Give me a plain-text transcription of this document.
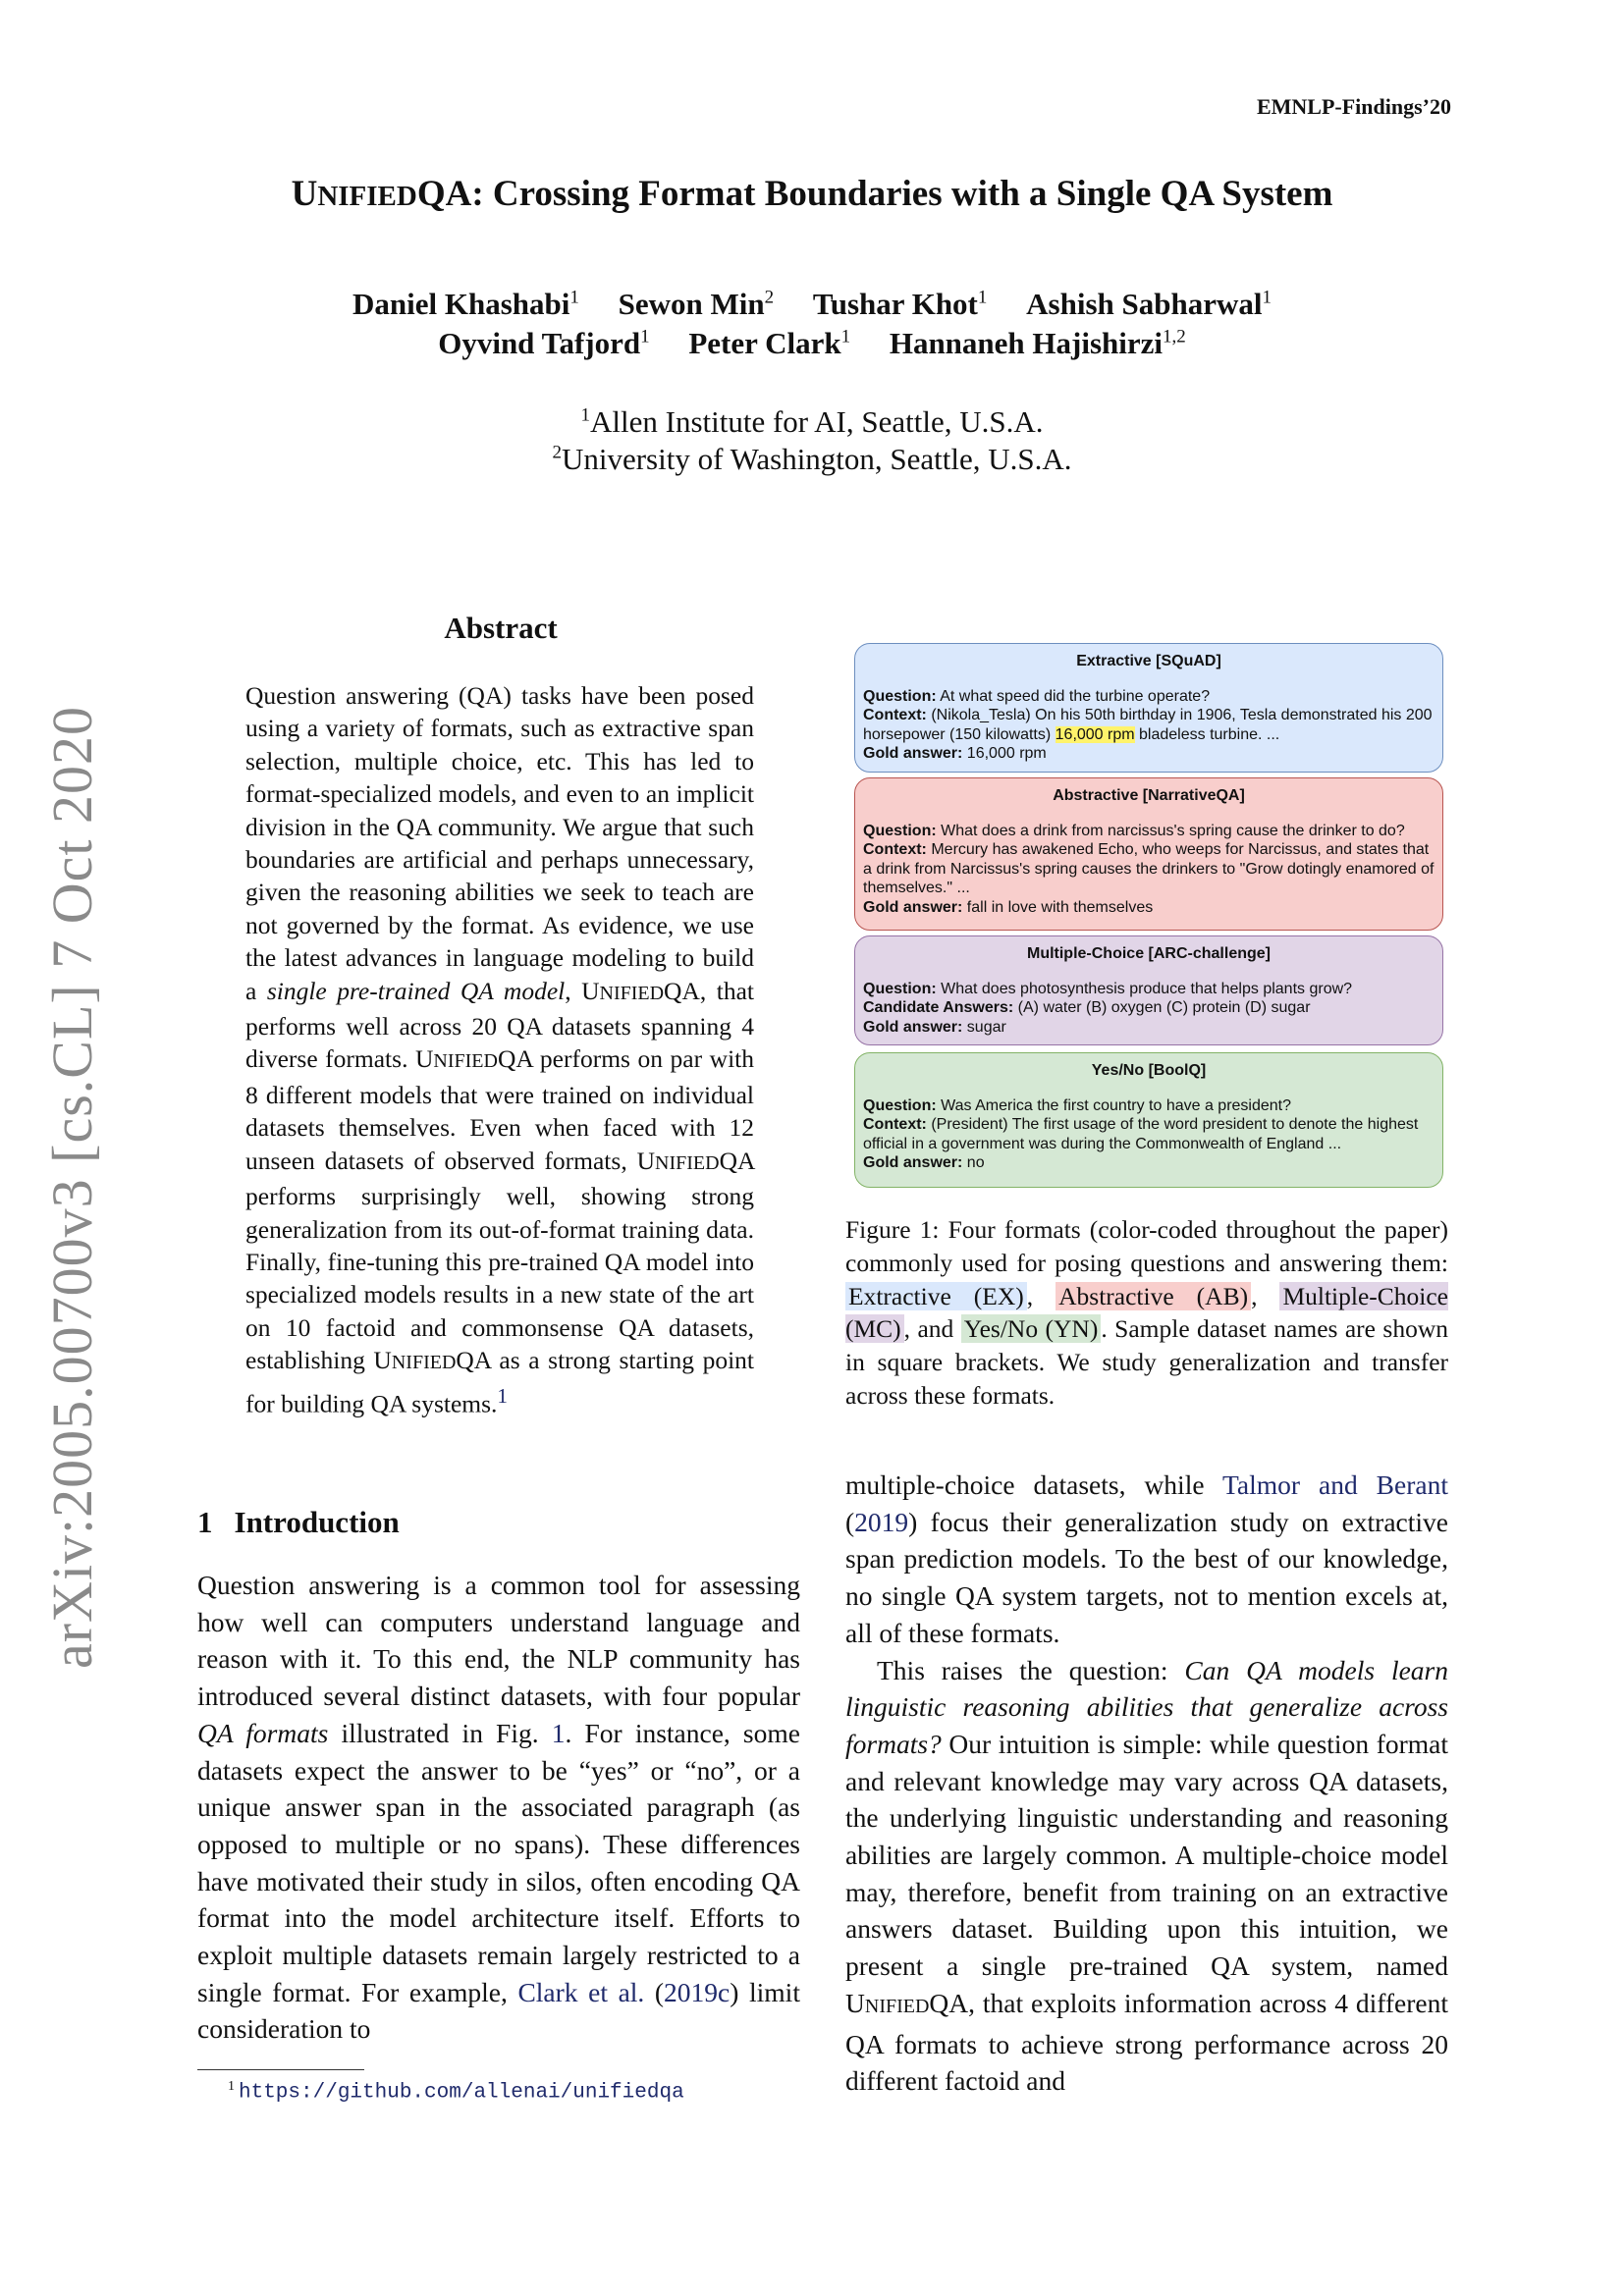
EMNLP-Findings’20
UNIFIEDQA: Crossing Format Boundaries with a Single QA System
Daniel Khashabi$^1$ Sewon Min$^2$ Tushar Khot$^1$ Ashish Sabharwal$^1$
Oyvind Tafjord$^1$ Peter Clark$^1$ Hannaneh Hajishirzi$^{1,2}$
$^1$Allen Institute for AI, Seattle, U.S.A.
$^2$University of Washington, Seattle, U.S.A.
arXiv:2005.00700v3 [cs.CL] 7 Oct 2020
Abstract
Question answering (QA) tasks have been posed using a variety of formats, such as extractive span selection, multiple choice, etc. This has led to format-specialized models, and even to an implicit division in the QA community. We argue that such boundaries are artificial and perhaps unnecessary, given the reasoning abilities we seek to teach are not governed by the format. As evidence, we use the latest advances in language modeling to build a single pre-trained QA model, UNIFIEDQA, that performs well across 20 QA datasets spanning 4 diverse formats. UNIFIEDQA performs on par with 8 different models that were trained on individual datasets themselves. Even when faced with 12 unseen datasets of observed formats, UNIFIEDQA performs surprisingly well, showing strong generalization from its out-of-format training data. Finally, fine-tuning this pre-trained QA model into specialized models results in a new state of the art on 10 factoid and commonsense QA datasets, establishing UNIFIEDQA as a strong starting point for building QA systems.$^1$
1 Introduction
Question answering is a common tool for assessing how well can computers understand language and reason with it. To this end, the NLP community has introduced several distinct datasets, with four popular QA formats illustrated in Fig. 1. For instance, some datasets expect the answer to be “yes” or “no”, or a unique answer span in the associated paragraph (as opposed to multiple or no spans). These differences have motivated their study in silos, often encoding QA format into the model architecture itself. Efforts to exploit multiple datasets remain largely restricted to a single format. For example, Clark et al. (2019c) limit consideration to
$^1$ https://github.com/allenai/unifiedqa
Extractive [SQuAD]
Question: At what speed did the turbine operate?
Context: (Nikola_Tesla) On his 50th birthday in 1906, Tesla demonstrated his 200 horsepower (150 kilowatts) 16,000 rpm bladeless turbine. ...
Gold answer: 16,000 rpm
Abstractive [NarrativeQA]
Question: What does a drink from narcissus's spring cause the drinker to do?
Context: Mercury has awakened Echo, who weeps for Narcissus, and states that a drink from Narcissus's spring causes the drinkers to "Grow dotingly enamored of themselves." ...
Gold answer: fall in love with themselves
Multiple-Choice [ARC-challenge]
Question: What does photosynthesis produce that helps plants grow?
Candidate Answers: (A) water (B) oxygen (C) protein (D) sugar
Gold answer: sugar
Yes/No [BoolQ]
Question: Was America the first country to have a president?
Context: (President) The first usage of the word president to denote the highest official in a government was during the Commonwealth of England ...
Gold answer: no
Figure 1: Four formats (color-coded throughout the paper) commonly used for posing questions and answering them: Extractive (EX) , Abstractive (AB) , Multiple-Choice (MC) , and Yes/No (YN) . Sample dataset names are shown in square brackets. We study generalization and transfer across these formats.
multiple-choice datasets, while Talmor and Berant (2019) focus their generalization study on extractive span prediction models. To the best of our knowledge, no single QA system targets, not to mention excels at, all of these formats.
This raises the question: Can QA models learn linguistic reasoning abilities that generalize across formats? Our intuition is simple: while question format and relevant knowledge may vary across QA datasets, the underlying linguistic understanding and reasoning abilities are largely common. A multiple-choice model may, therefore, benefit from training on an extractive answers dataset. Building upon this intuition, we present a single pre-trained QA system, named UNIFIEDQA, that exploits information across 4 different QA formats to achieve strong performance across 20 different factoid and
